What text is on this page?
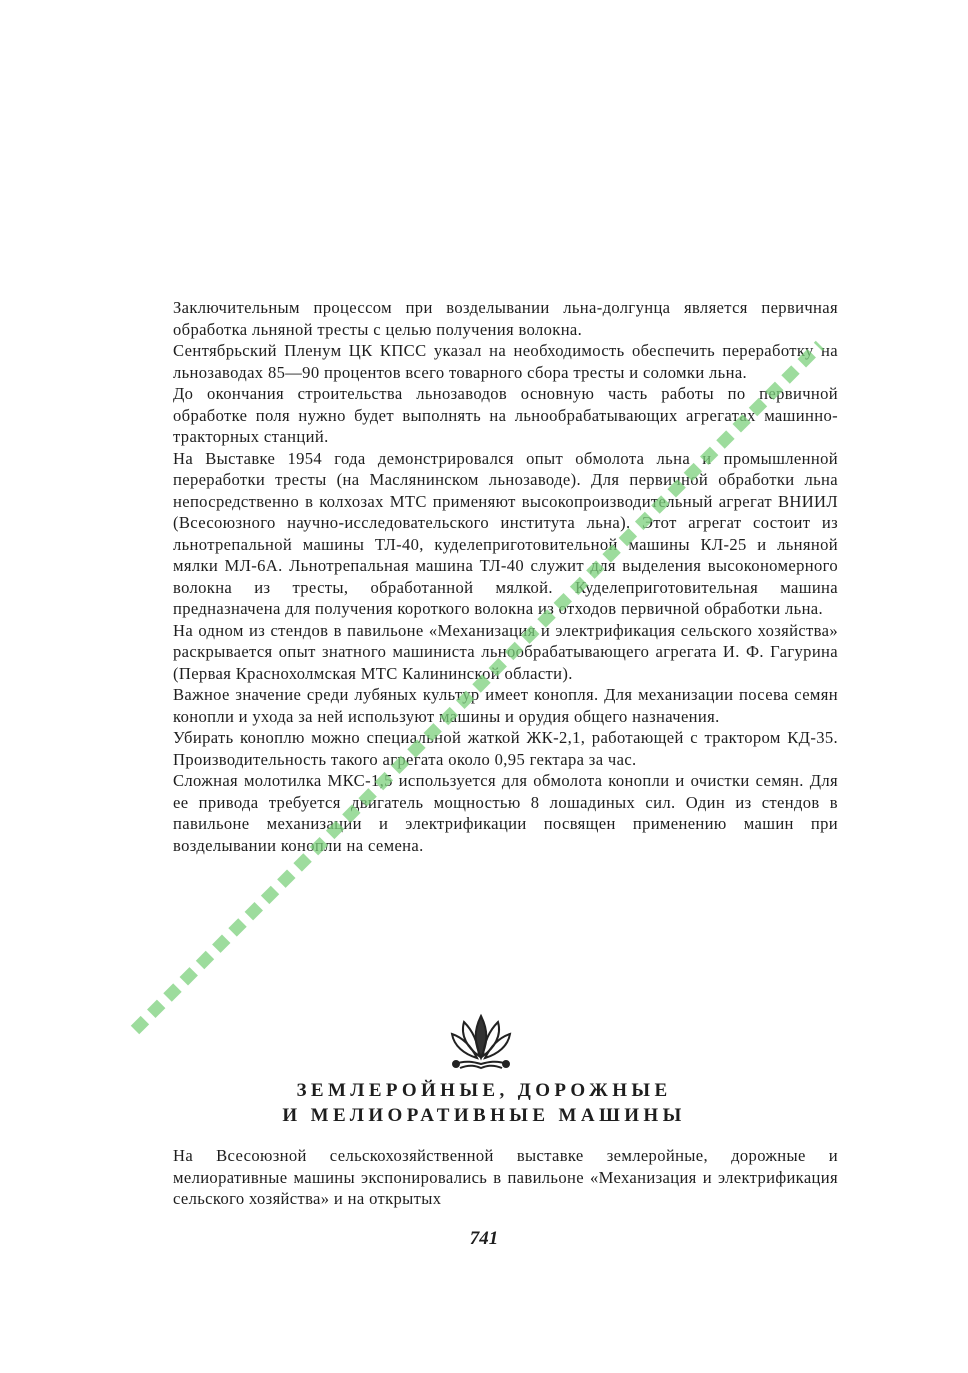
Заключительным процессом при возделывании льна-долгунца является первичная обработка льняной тресты с целью получения волокна.

Сентябрьский Пленум ЦК КПСС указал на необходимость обеспечить переработку на льнозаводах 85—90 процентов всего товарного сбора тресты и соломки льна.

До окончания строительства льнозаводов основную часть работы по первичной обработке поля нужно будет выполнять на льнообрабатывающих агрегатах машинно-тракторных станций.

На Выставке 1954 года демонстрировался опыт обмолота льна и промышленной переработки тресты (на Маслянинском льнозаводе). Для первичной обработки льна непосредственно в колхозах МТС применяют высокопроизводительный агрегат ВНИИЛ (Всесоюзного научно-исследовательского института льна). Этот агрегат состоит из льнотрепальной машины ТЛ-40, куделеприготовительной машины КЛ-25 и льняной мялки МЛ-6А. Льнотрепальная машина ТЛ-40 служит для выделения высокономерного волокна из тресты, обработанной мялкой. Куделеприготовительная машина предназначена для получения короткого волокна из отходов первичной обработки льна.

На одном из стендов в павильоне «Механизация и электрификация сельского хозяйства» раскрывается опыт знатного машиниста льнообрабатывающего агрегата И. Ф. Гагурина (Первая Краснохолмская МТС Калининской области).

Важное значение среди лубяных культур имеет конопля. Для механизации посева семян конопли и ухода за ней используют машины и орудия общего назначения.

Убирать коноплю можно специальной жаткой ЖК-2,1, работающей с трактором КД-35. Производительность такого агрегата около 0,95 гектара за час.

Сложная молотилка МКС-1,5 используется для обмолота конопли и очистки семян. Для ее привода требуется двигатель мощностью 8 лошадиных сил. Один из стендов в павильоне механизации и электрификации посвящен применению машин при возделывании конопли на семена.

ЗЕМЛЕРОЙНЫЕ, ДОРОЖНЫЕ
И МЕЛИОРАТИВНЫЕ МАШИНЫ

На Всесоюзной сельскохозяйственной выставке землеройные, дорожные и мелиоративные машины экспонировались в павильоне «Механизация и электрификация сельского хозяйства» и на открытых

741
